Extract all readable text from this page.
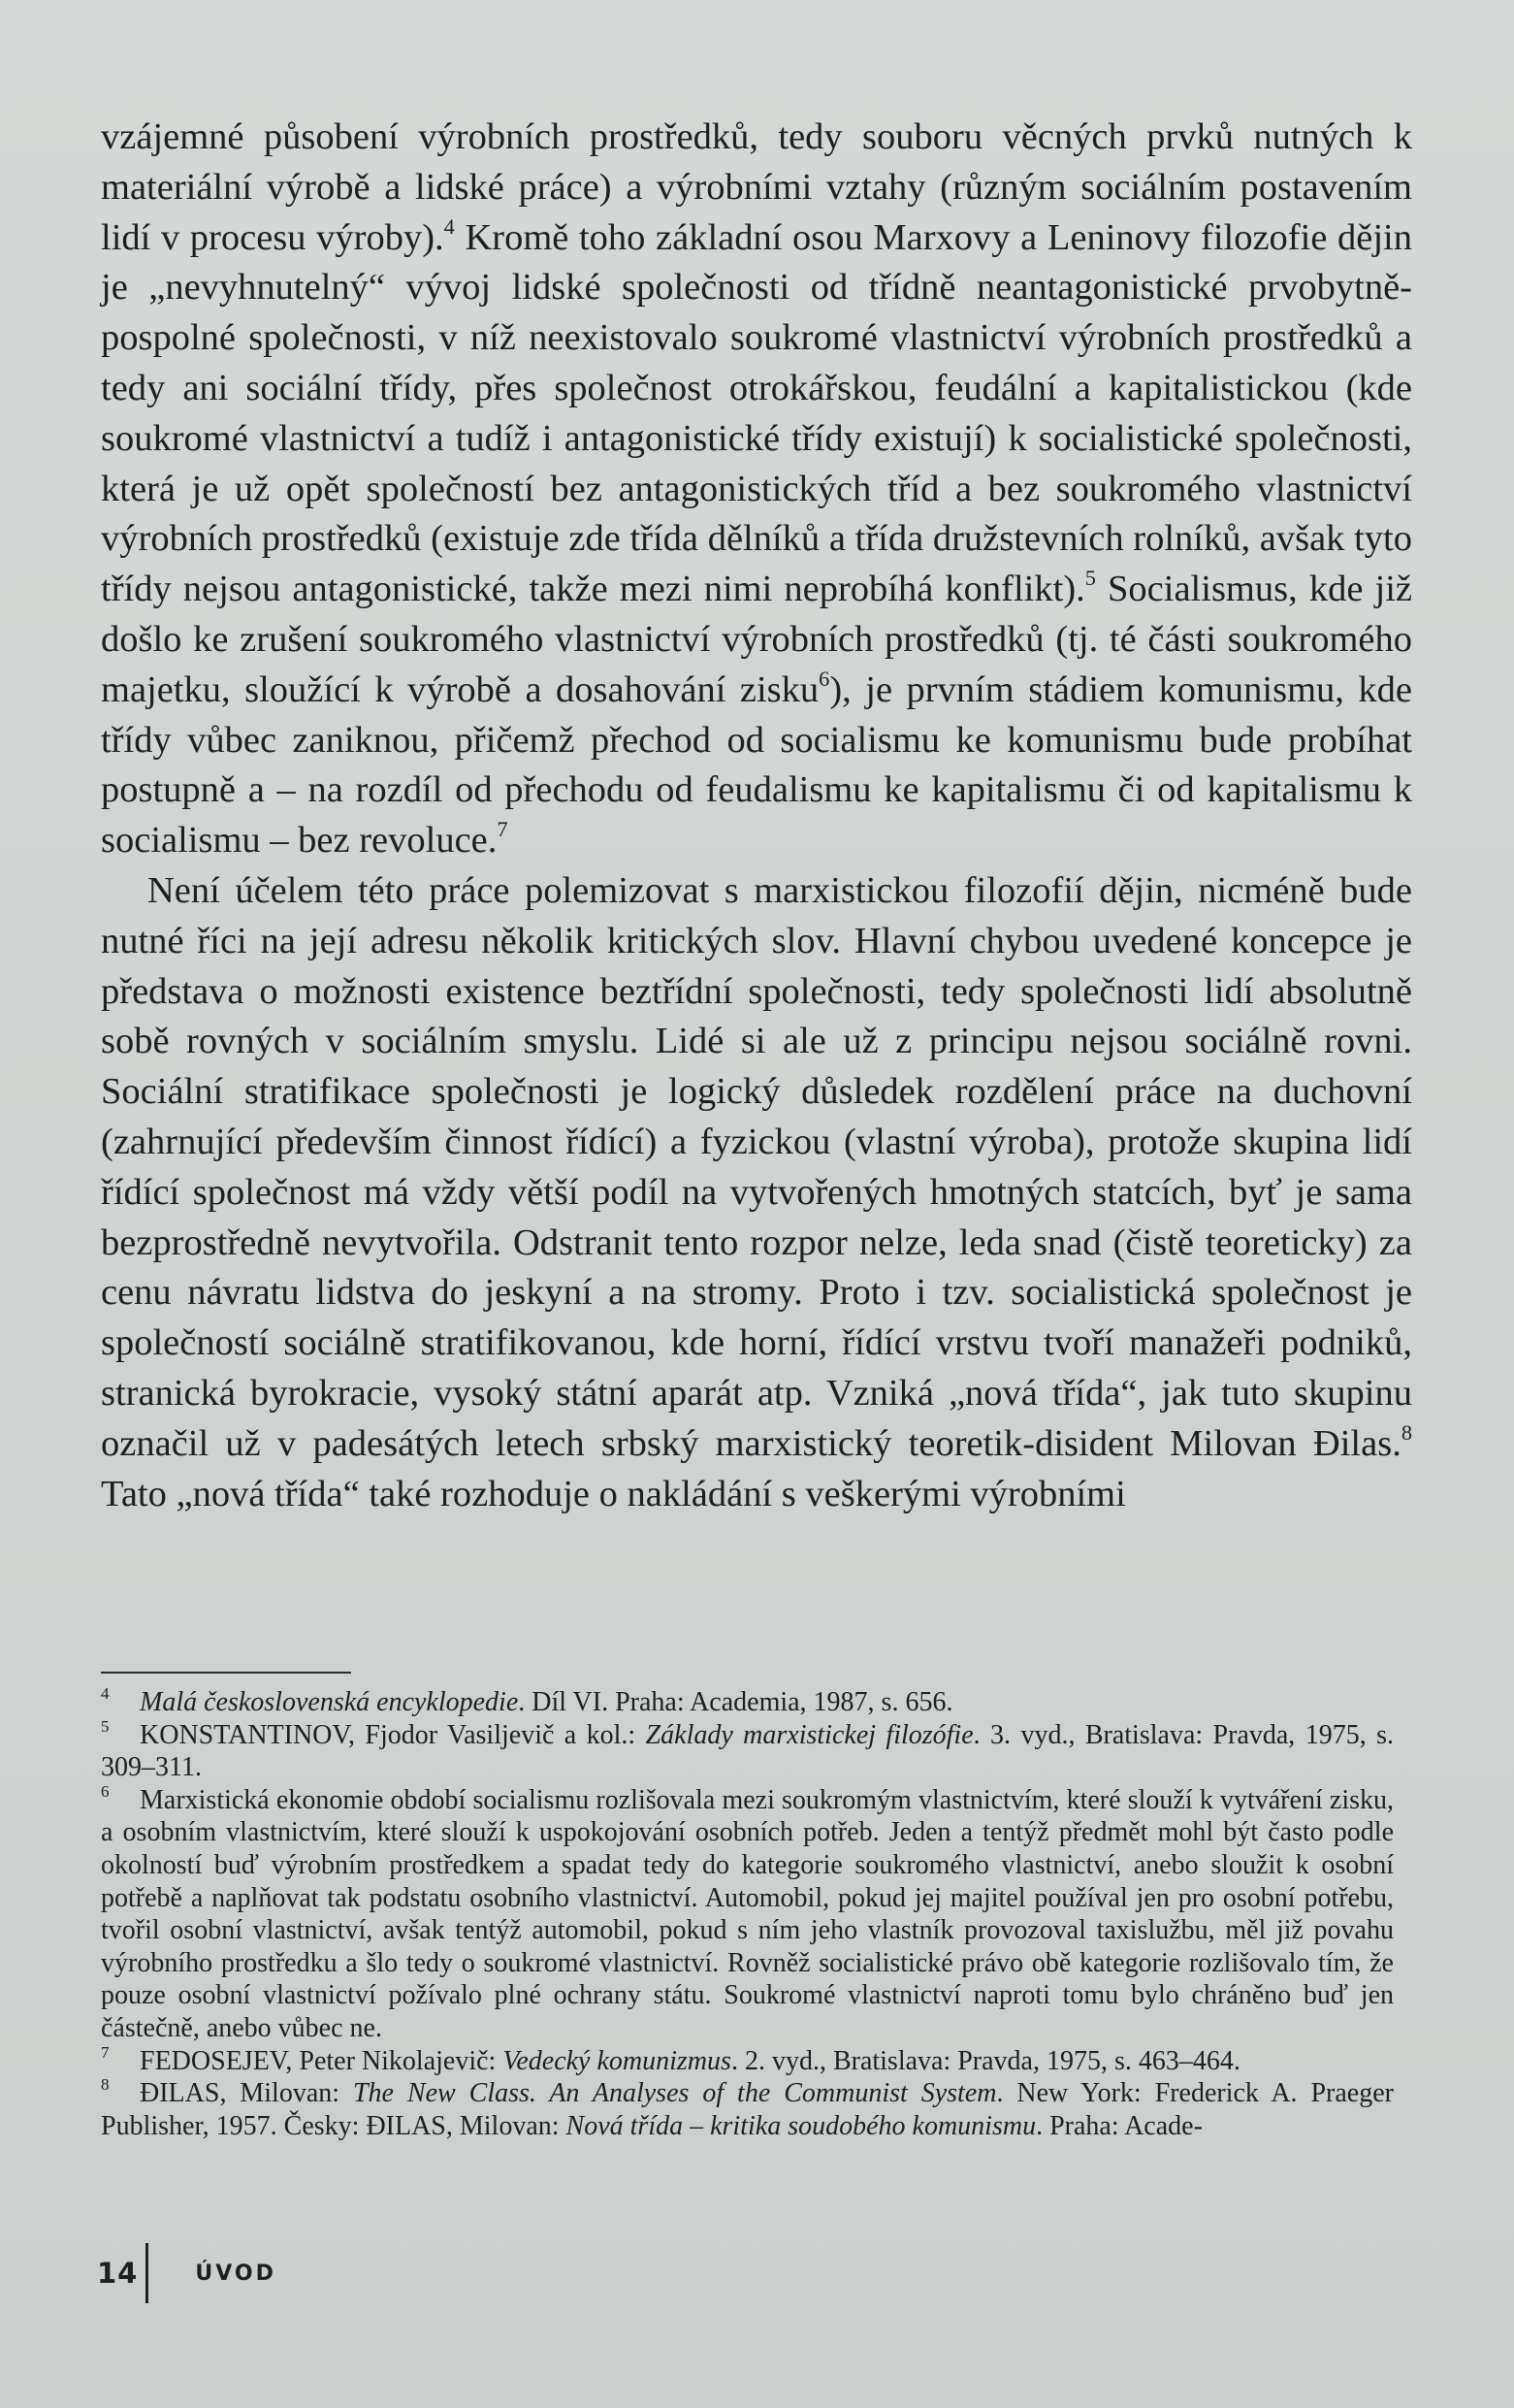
vzájemné působení výrobních prostředků, tedy souboru věcných prvků nutných k materiální výrobě a lidské práce) a výrobními vztahy (různým sociálním postavením lidí v procesu výroby).$^4$ Kromě toho základní osou Marxovy a Leninovy filozofie dějin je „nevyhnutelný“ vývoj lidské společnosti od třídně neantagonistické prvobytně-pospolné společnosti, v níž neexistovalo soukromé vlastnictví výrobních prostředků a tedy ani sociální třídy, přes společnost otrokářskou, feudální a kapitalistickou (kde soukromé vlastnictví a tudíž i antagonistické třídy existují) k socialistické společnosti, která je už opět společností bez antagonistických tříd a bez soukromého vlastnictví výrobních prostředků (existuje zde třída dělníků a třída družstevních rolníků, avšak tyto třídy nejsou antagonistické, takže mezi nimi neprobíhá konflikt).$^5$ Socialismus, kde již došlo ke zrušení soukromého vlastnictví výrobních prostředků (tj. té části soukromého majetku, sloužící k výrobě a dosahování zisku$^6$), je prvním stádiem komunismu, kde třídy vůbec zaniknou, přičemž přechod od socialismu ke komunismu bude probíhat postupně a – na rozdíl od přechodu od feudalismu ke kapitalismu či od kapitalismu k socialismu – bez revoluce.$^7$

Není účelem této práce polemizovat s marxistickou filozofií dějin, nicméně bude nutné říci na její adresu několik kritických slov. Hlavní chybou uvedené koncepce je představa o možnosti existence beztřídní společnosti, tedy společnosti lidí absolutně sobě rovných v sociálním smyslu. Lidé si ale už z principu nejsou sociálně rovni. Sociální stratifikace společnosti je logický důsledek rozdělení práce na duchovní (zahrnující především činnost řídící) a fyzickou (vlastní výroba), protože skupina lidí řídící společnost má vždy větší podíl na vytvořených hmotných statcích, byť je sama bezprostředně nevytvořila. Odstranit tento rozpor nelze, leda snad (čistě teoreticky) za cenu návratu lidstva do jeskyní a na stromy. Proto i tzv. socialistická společnost je společností sociálně stratifikovanou, kde horní, řídící vrstvu tvoří manažeři podniků, stranická byrokracie, vysoký státní aparát atp. Vzniká „nová třída“, jak tuto skupinu označil už v padesátých letech srbský marxistický teoretik-disident Milovan Đilas.$^8$ Tato „nová třída“ také rozhoduje o nakládání s veškerými výrobními

4 Malá československá encyklopedie. Díl VI. Praha: Academia, 1987, s. 656.
5 KONSTANTINOV, Fjodor Vasiljevič a kol.: Základy marxistickej filozófie. 3. vyd., Bratislava: Pravda, 1975, s. 309–311.
6 Marxistická ekonomie období socialismu rozlišovala mezi soukromým vlastnictvím, které slouží k vytváření zisku, a osobním vlastnictvím, které slouží k uspokojování osobních potřeb. Jeden a tentýž předmět mohl být často podle okolností buď výrobním prostředkem a spadat tedy do kategorie soukromého vlastnictví, anebo sloužit k osobní potřebě a naplňovat tak podstatu osobního vlastnictví. Automobil, pokud jej majitel používal jen pro osobní potřebu, tvořil osobní vlastnictví, avšak tentýž automobil, pokud s ním jeho vlastník provozoval taxislužbu, měl již povahu výrobního prostředku a šlo tedy o soukromé vlastnictví. Rovněž socialistické právo obě kategorie rozlišovalo tím, že pouze osobní vlastnictví požívalo plné ochrany státu. Soukromé vlastnictví naproti tomu bylo chráněno buď jen částečně, anebo vůbec ne.
7 FEDOSEJEV, Peter Nikolajevič: Vedecký komunizmus. 2. vyd., Bratislava: Pravda, 1975, s. 463–464.
8 ĐILAS, Milovan: The New Class. An Analyses of the Communist System. New York: Frederick A. Praeger Publisher, 1957. Česky: ĐILAS, Milovan: Nová třída – kritika soudobého komunismu. Praha: Acade-
14	ÚVOD
